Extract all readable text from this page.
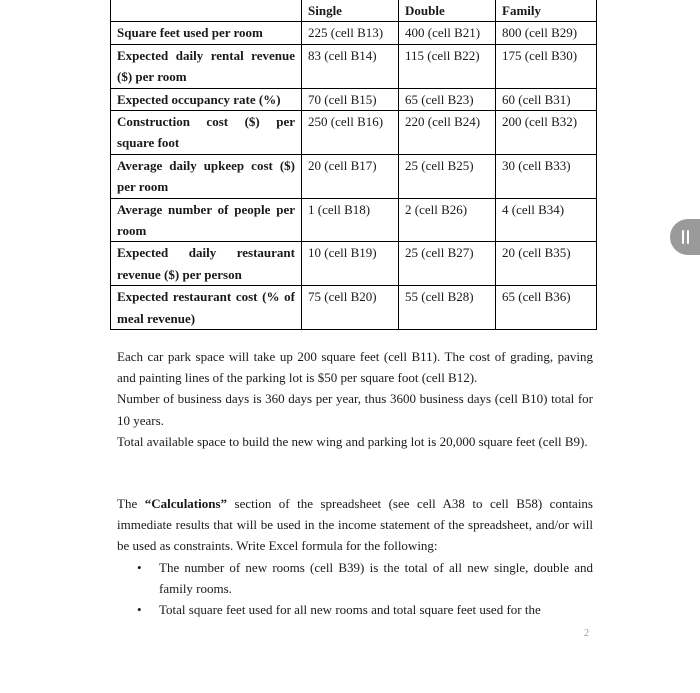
	Single	Double	Family
Square feet used per room	225 (cell B13)	400 (cell B21)	800 (cell B29)
Expected daily rental revenue ($) per room	83 (cell B14)	115 (cell B22)	175 (cell B30)
Expected occupancy rate (%)	70 (cell B15)	65 (cell B23)	60 (cell B31)
Construction cost ($) per square foot	250 (cell B16)	220 (cell B24)	200 (cell B32)
Average daily upkeep cost ($) per room	20 (cell B17)	25 (cell B25)	30 (cell B33)
Average number of people per room	1 (cell B18)	2 (cell B26)	4 (cell B34)
Expected daily restaurant revenue ($) per person	10 (cell B19)	25 (cell B27)	20 (cell B35)
Expected restaurant cost (% of meal revenue)	75 (cell B20)	55 (cell B28)	65 (cell B36)

Each car park space will take up 200 square feet (cell B11). The cost of grading, paving and painting lines of the parking lot is $50 per square foot (cell B12).

Number of business days is 360 days per year, thus 3600 business days (cell B10) total for 10 years.

Total available space to build the new wing and parking lot is 20,000 square feet (cell B9).

The “Calculations” section of the spreadsheet (see cell A38 to cell B58) contains immediate results that will be used in the income statement of the spreadsheet, and/or will be used as constraints. Write Excel formula for the following:

• The number of new rooms (cell B39) is the total of all new single, double and family rooms.
• Total square feet used for all new rooms and total square feet used for the
2
